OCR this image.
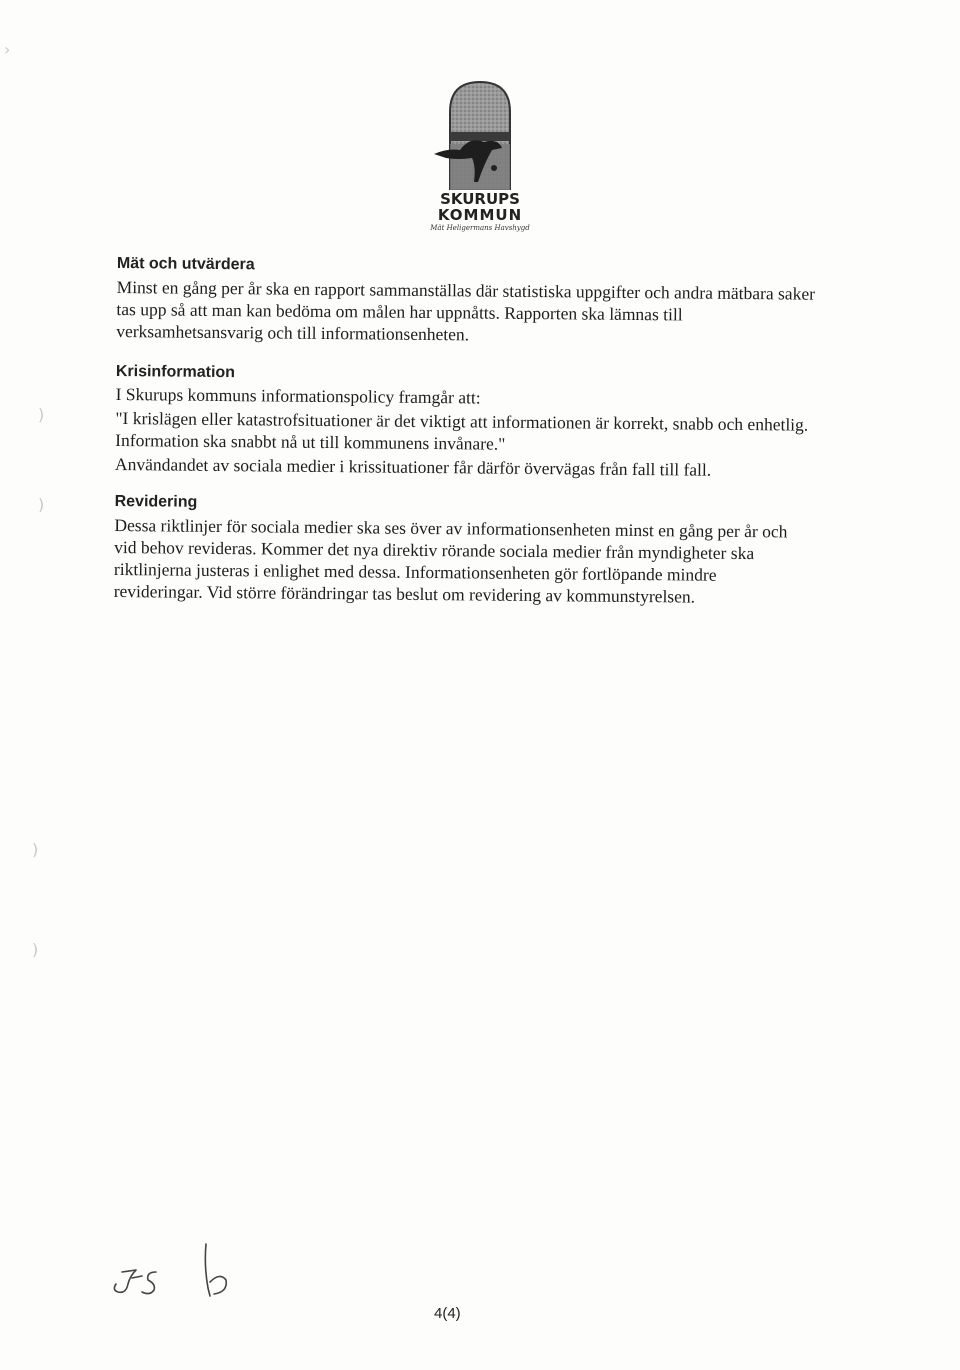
›
)
)
)
)
SKURUPS
KOMMUN
Mät Heligermans Havshygd
Mät och utvärdera

Minst en gång per år ska en rapport sammanställas där statistiska uppgifter och andra mätbara saker tas upp så att man kan bedöma om målen har uppnåtts. Rapporten ska lämnas till verksamhetsansvarig och till informationsenheten.

Krisinformation

I Skurups kommuns informationspolicy framgår att:

"I krislägen eller katastrofsituationer är det viktigt att informationen är korrekt, snabb och enhetlig. Information ska snabbt nå ut till kommunens invånare."

Användandet av sociala medier i krissituationer får därför övervägas från fall till fall.

Revidering

Dessa riktlinjer för sociala medier ska ses över av informationsenheten minst en gång per år och vid behov revideras. Kommer det nya direktiv rörande sociala medier från myndigheter ska riktlinjerna justeras i enlighet med dessa. Informationsenheten gör fortlöpande mindre revideringar. Vid större förändringar tas beslut om revidering av kommunstyrelsen.

4(4)
